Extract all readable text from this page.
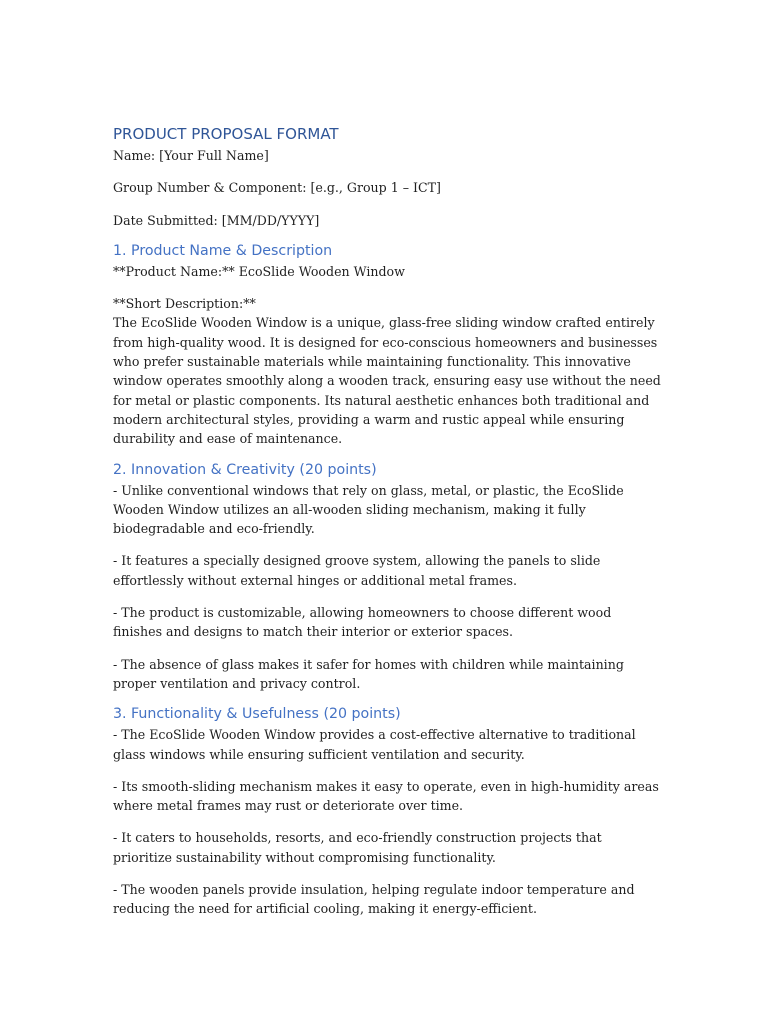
PRODUCT PROPOSAL FORMAT
Name: [Your Full Name]
Group Number & Component: [e.g., Group 1 – ICT]
Date Submitted: [MM/DD/YYYY]
1. Product Name & Description
**Product Name:** EcoSlide Wooden Window
**Short Description:**
The EcoSlide Wooden Window is a unique, glass-free sliding window crafted entirely from high-quality wood. It is designed for eco-conscious homeowners and businesses who prefer sustainable materials while maintaining functionality. This innovative window operates smoothly along a wooden track, ensuring easy use without the need for metal or plastic components. Its natural aesthetic enhances both traditional and modern architectural styles, providing a warm and rustic appeal while ensuring durability and ease of maintenance.
2. Innovation & Creativity (20 points)
- Unlike conventional windows that rely on glass, metal, or plastic, the EcoSlide Wooden Window utilizes an all-wooden sliding mechanism, making it fully biodegradable and eco-friendly.
- It features a specially designed groove system, allowing the panels to slide effortlessly without external hinges or additional metal frames.
- The product is customizable, allowing homeowners to choose different wood finishes and designs to match their interior or exterior spaces.
- The absence of glass makes it safer for homes with children while maintaining proper ventilation and privacy control.
3. Functionality & Usefulness (20 points)
- The EcoSlide Wooden Window provides a cost-effective alternative to traditional glass windows while ensuring sufficient ventilation and security.
- Its smooth-sliding mechanism makes it easy to operate, even in high-humidity areas where metal frames may rust or deteriorate over time.
- It caters to households, resorts, and eco-friendly construction projects that prioritize sustainability without compromising functionality.
- The wooden panels provide insulation, helping regulate indoor temperature and reducing the need for artificial cooling, making it energy-efficient.
